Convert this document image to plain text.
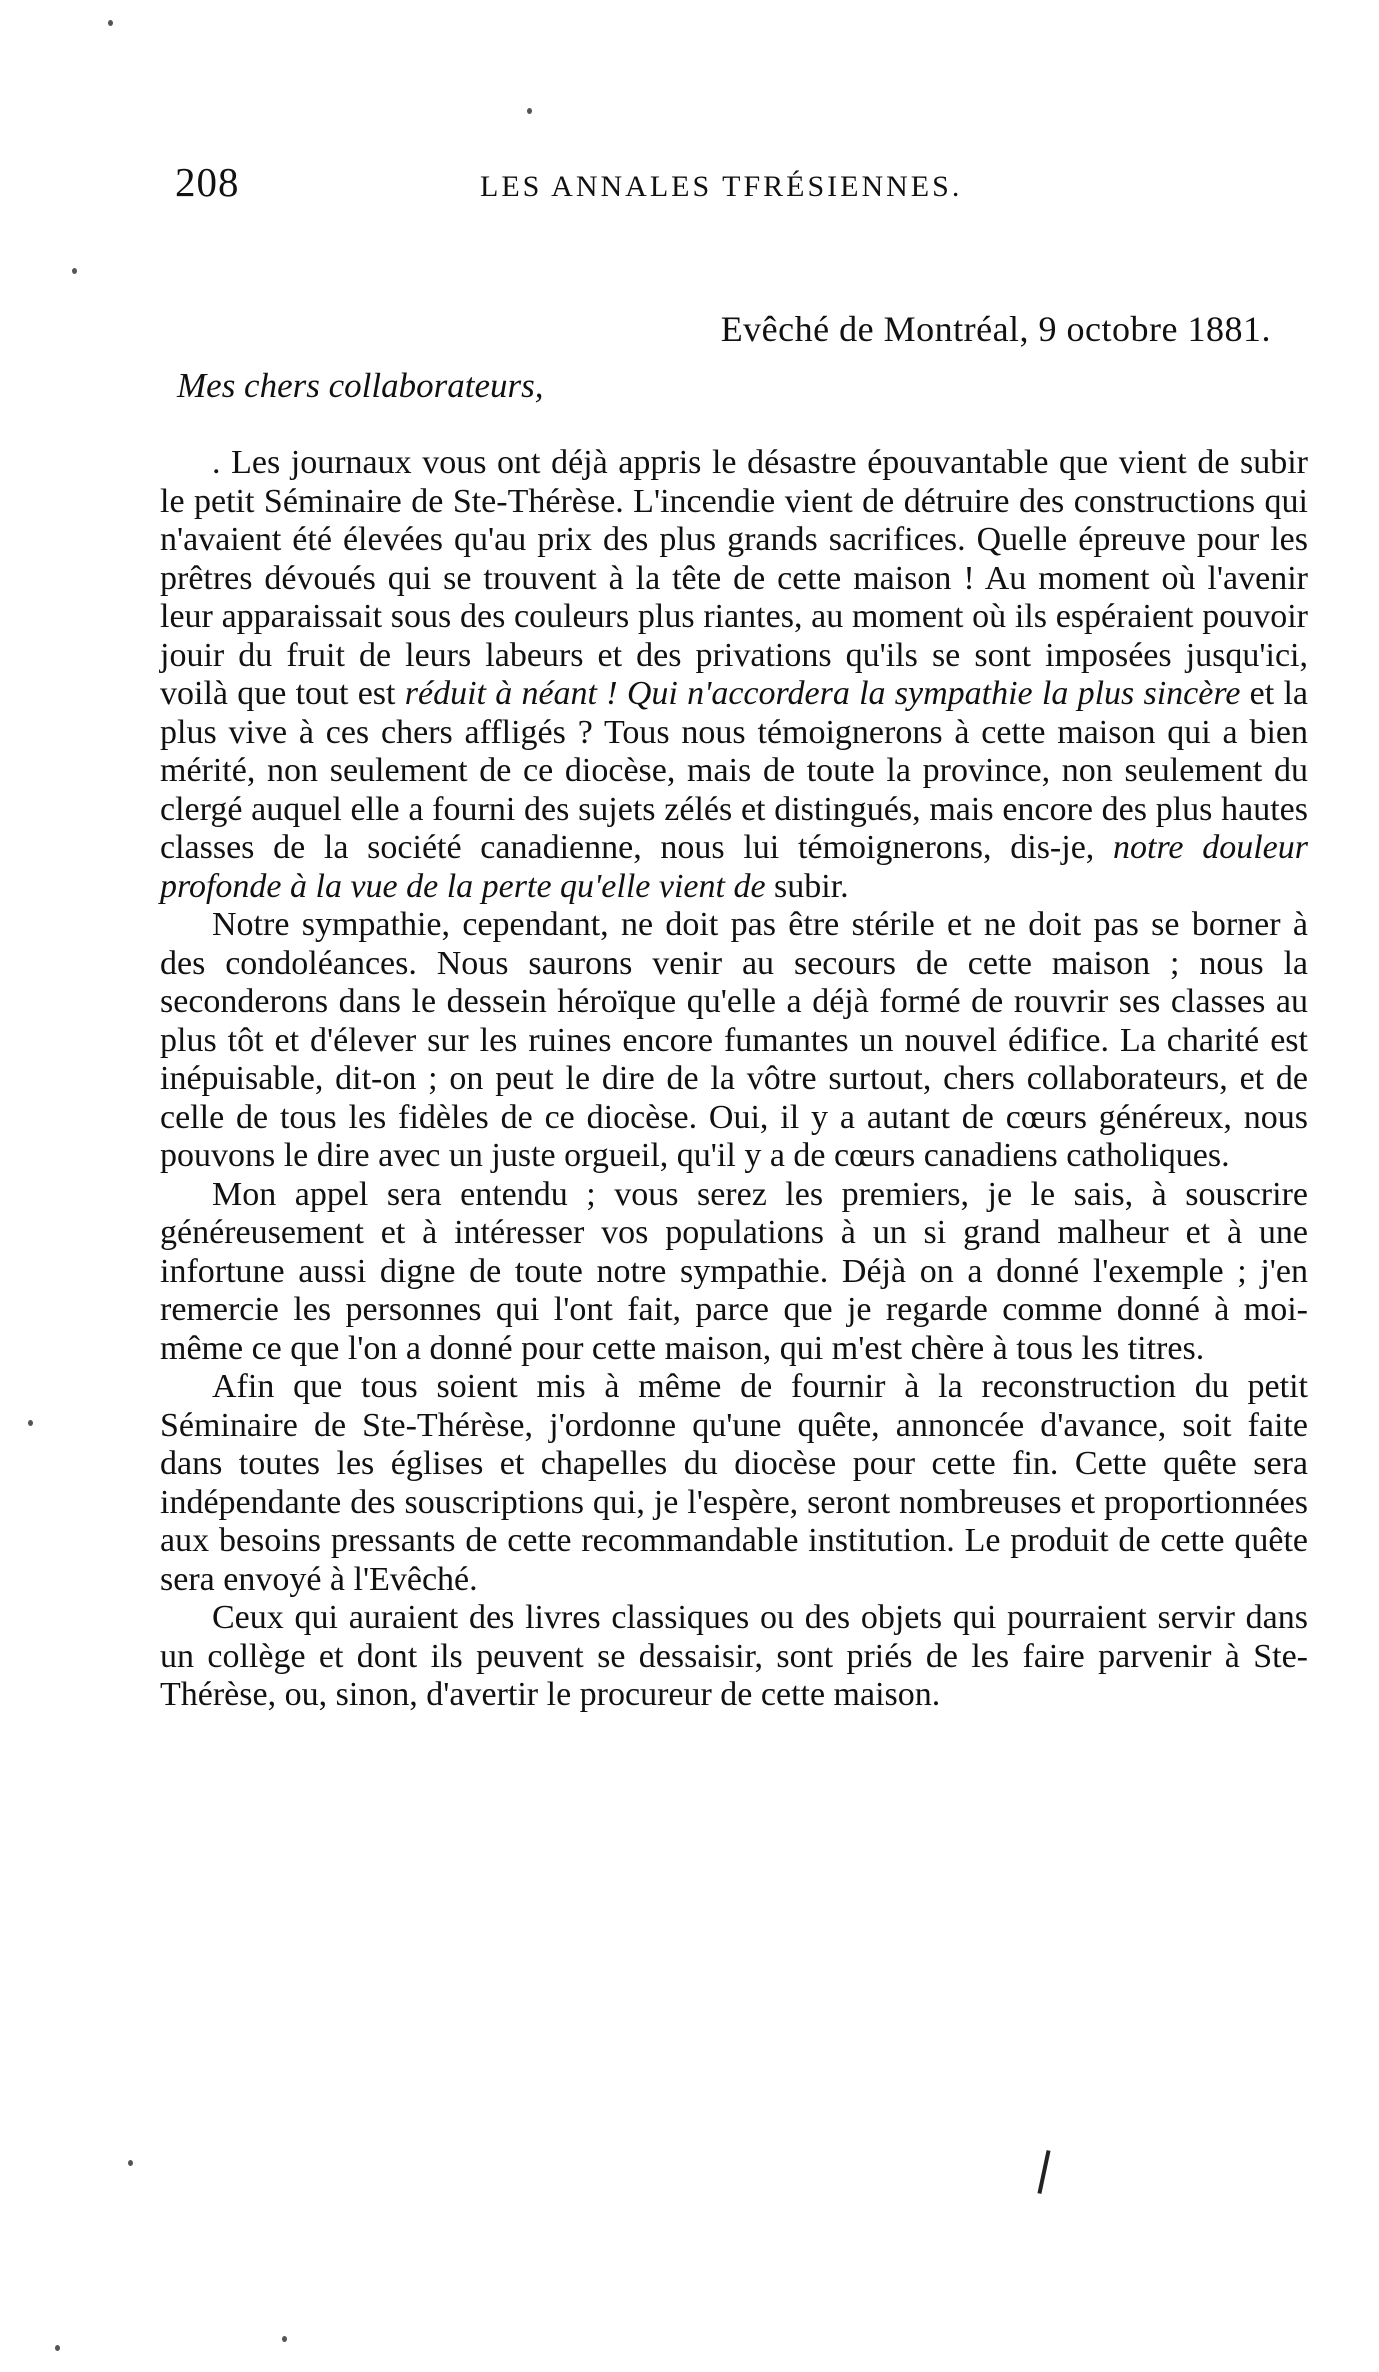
208	LES ANNALES TFRÉSIENNES.
Evêché de Montréal, 9 octobre 1881.
Mes chers collaborateurs,

. Les journaux vous ont déjà appris le désastre épouvantable que vient de subir le petit Séminaire de Ste-Thérèse. L'incendie vient de détruire des constructions qui n'avaient été élevées qu'au prix des plus grands sacrifices. Quelle épreuve pour les prêtres dévoués qui se trouvent à la tête de cette maison ! Au moment où l'avenir leur apparaissait sous des couleurs plus riantes, au moment où ils espéraient pouvoir jouir du fruit de leurs labeurs et des privations qu'ils se sont imposées jusqu'ici, voilà que tout est réduit à néant ! Qui n'accordera la sympathie la plus sincère et la plus vive à ces chers affligés ? Tous nous témoignerons à cette maison qui a bien mérité, non seulement de ce diocèse, mais de toute la province, non seulement du clergé auquel elle a fourni des sujets zélés et distingués, mais encore des plus hautes classes de la société canadienne, nous lui témoignerons, dis-je, notre douleur profonde à la vue de la perte qu'elle vient de subir.

Notre sympathie, cependant, ne doit pas être stérile et ne doit pas se borner à des condoléances. Nous saurons venir au secours de cette maison ; nous la seconderons dans le dessein héroïque qu'elle a déjà formé de rouvrir ses classes au plus tôt et d'élever sur les ruines encore fumantes un nouvel édifice. La charité est inépuisable, dit-on ; on peut le dire de la vôtre surtout, chers collaborateurs, et de celle de tous les fidèles de ce diocèse. Oui, il y a autant de cœurs généreux, nous pouvons le dire avec un juste orgueil, qu'il y a de cœurs canadiens catholiques.

Mon appel sera entendu ; vous serez les premiers, je le sais, à souscrire généreusement et à intéresser vos populations à un si grand malheur et à une infortune aussi digne de toute notre sympathie. Déjà on a donné l'exemple ; j'en remercie les personnes qui l'ont fait, parce que je regarde comme donné à moi-même ce que l'on a donné pour cette maison, qui m'est chère à tous les titres.

Afin que tous soient mis à même de fournir à la reconstruction du petit Séminaire de Ste-Thérèse, j'ordonne qu'une quête, annoncée d'avance, soit faite dans toutes les églises et chapelles du diocèse pour cette fin. Cette quête sera indépendante des souscriptions qui, je l'espère, seront nombreuses et proportionnées aux besoins pressants de cette recommandable institution. Le produit de cette quête sera envoyé à l'Evêché.

Ceux qui auraient des livres classiques ou des objets qui pourraient servir dans un collège et dont ils peuvent se dessaisir, sont priés de les faire parvenir à Ste-Thérèse, ou, sinon, d'avertir le procureur de cette maison.
